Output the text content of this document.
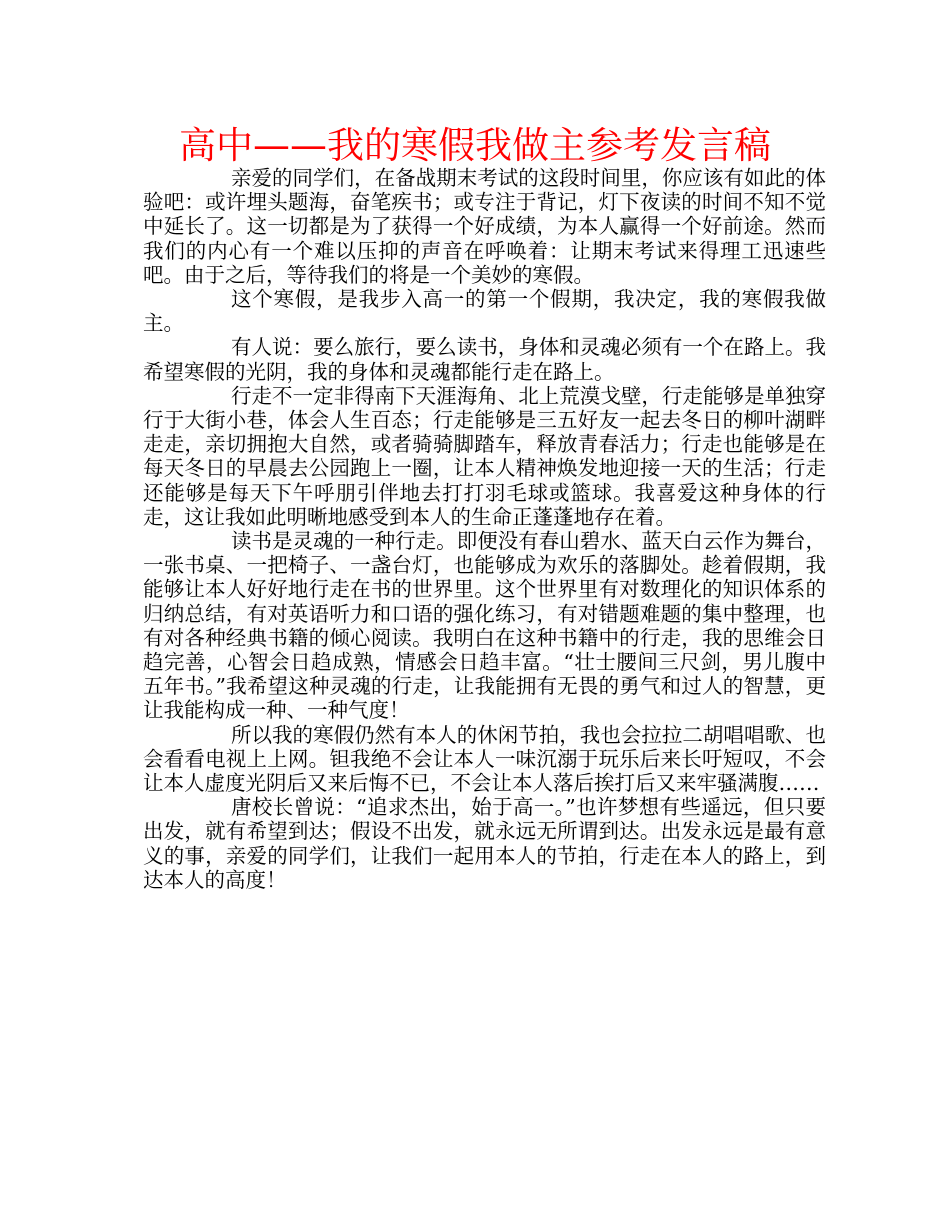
高中——我的寒假我做主参考发言稿

亲爱的同学们，在备战期末考试的这段时间里，你应该有如此的体验吧：或许埋头题海，奋笔疾书；或专注于背记，灯下夜读的时间不知不觉中延长了。这一切都是为了获得一个好成绩，为本人赢得一个好前途。然而我们的内心有一个难以压抑的声音在呼唤着：让期末考试来得理工迅速些吧。由于之后，等待我们的将是一个美妙的寒假。

这个寒假，是我步入高一的第一个假期，我决定，我的寒假我做主。

有人说：要么旅行，要么读书，身体和灵魂必须有一个在路上。我希望寒假的光阴，我的身体和灵魂都能行走在路上。

行走不一定非得南下天涯海角、北上荒漠戈壁，行走能够是单独穿行于大街小巷，体会人生百态；行走能够是三五好友一起去冬日的柳叶湖畔走走，亲切拥抱大自然，或者骑骑脚踏车，释放青春活力；行走也能够是在每天冬日的早晨去公园跑上一圈，让本人精神焕发地迎接一天的生活；行走还能够是每天下午呼朋引伴地去打打羽毛球或篮球。我喜爱这种身体的行走，这让我如此明晰地感受到本人的生命正蓬蓬地存在着。

读书是灵魂的一种行走。即便没有春山碧水、蓝天白云作为舞台，一张书桌、一把椅子、一盏台灯，也能够成为欢乐的落脚处。趁着假期，我能够让本人好好地行走在书的世界里。这个世界里有对数理化的知识体系的归纳总结，有对英语听力和口语的强化练习，有对错题难题的集中整理，也有对各种经典书籍的倾心阅读。我明白在这种书籍中的行走，我的思维会日趋完善，心智会日趋成熟，情感会日趋丰富。“壮士腰间三尺剑，男儿腹中五年书。”我希望这种灵魂的行走，让我能拥有无畏的勇气和过人的智慧，更让我能构成一种、一种气度！

所以我的寒假仍然有本人的休闲节拍，我也会拉拉二胡唱唱歌、也会看看电视上上网。钽我绝不会让本人一味沉溺于玩乐后来长吁短叹，不会让本人虚度光阴后又来后悔不已，不会让本人落后挨打后又来牢骚满腹……

唐校长曾说：“追求杰出，始于高一。”也许梦想有些遥远，但只要出发，就有希望到达；假设不出发，就永远无所谓到达。出发永远是最有意义的事，亲爱的同学们，让我们一起用本人的节拍，行走在本人的路上，到达本人的高度！
